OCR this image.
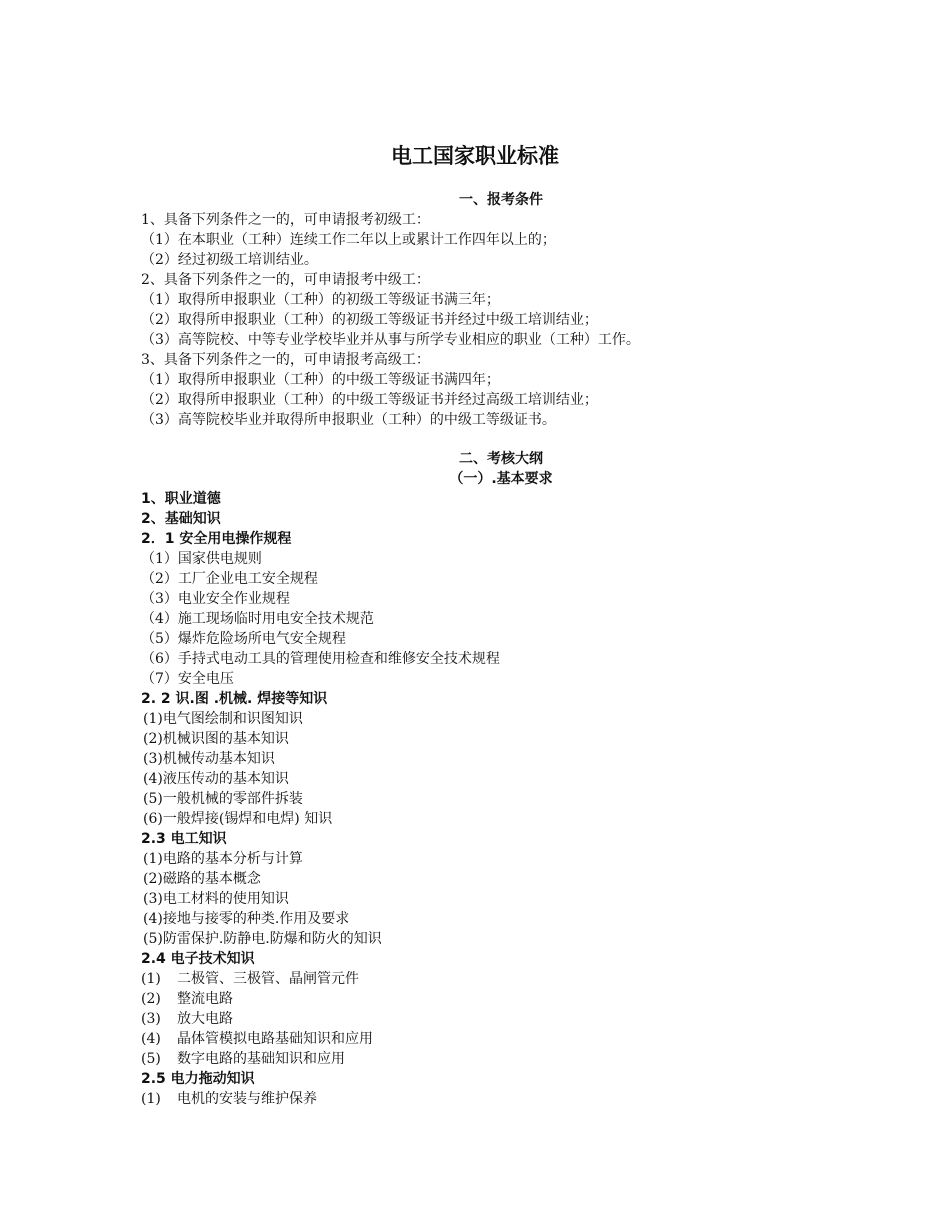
电工国家职业标准
一、报考条件
1、具备下列条件之一的，可申请报考初级工：
（1）在本职业（工种）连续工作二年以上或累计工作四年以上的；
（2）经过初级工培训结业。
2、具备下列条件之一的，可申请报考中级工：
（1）取得所申报职业（工种）的初级工等级证书满三年；
（2）取得所申报职业（工种）的初级工等级证书并经过中级工培训结业；
（3）高等院校、中等专业学校毕业并从事与所学专业相应的职业（工种）工作。
3、具备下列条件之一的，可申请报考高级工：
（1）取得所申报职业（工种）的中级工等级证书满四年；
（2）取得所申报职业（工种）的中级工等级证书并经过高级工培训结业；
（3）高等院校毕业并取得所申报职业（工种）的中级工等级证书。
二、考核大纲
（一）.基本要求
1、职业道德
2、基础知识
2．1 安全用电操作规程
（1）国家供电规则
（2）工厂企业电工安全规程
（3）电业安全作业规程
（4）施工现场临时用电安全技术规范
（5）爆炸危险场所电气安全规程
（6）手持式电动工具的管理使用检查和维修安全技术规程
（7）安全电压
2. 2 识.图 .机械. 焊接等知识
(1)电气图绘制和识图知识
(2)机械识图的基本知识
(3)机械传动基本知识
(4)液压传动的基本知识
(5)一般机械的零部件拆装
(6)一般焊接(锡焊和电焊) 知识
2.3 电工知识
(1)电路的基本分析与计算
(2)磁路的基本概念
(3)电工材料的使用知识
(4)接地与接零的种类.作用及要求
(5)防雷保护.防静电.防爆和防火的知识
2.4 电子技术知识
(1) 二极管、三极管、晶闸管元件
(2) 整流电路
(3) 放大电路
(4) 晶体管模拟电路基础知识和应用
(5) 数字电路的基础知识和应用
2.5 电力拖动知识
(1) 电机的安装与维护保养
